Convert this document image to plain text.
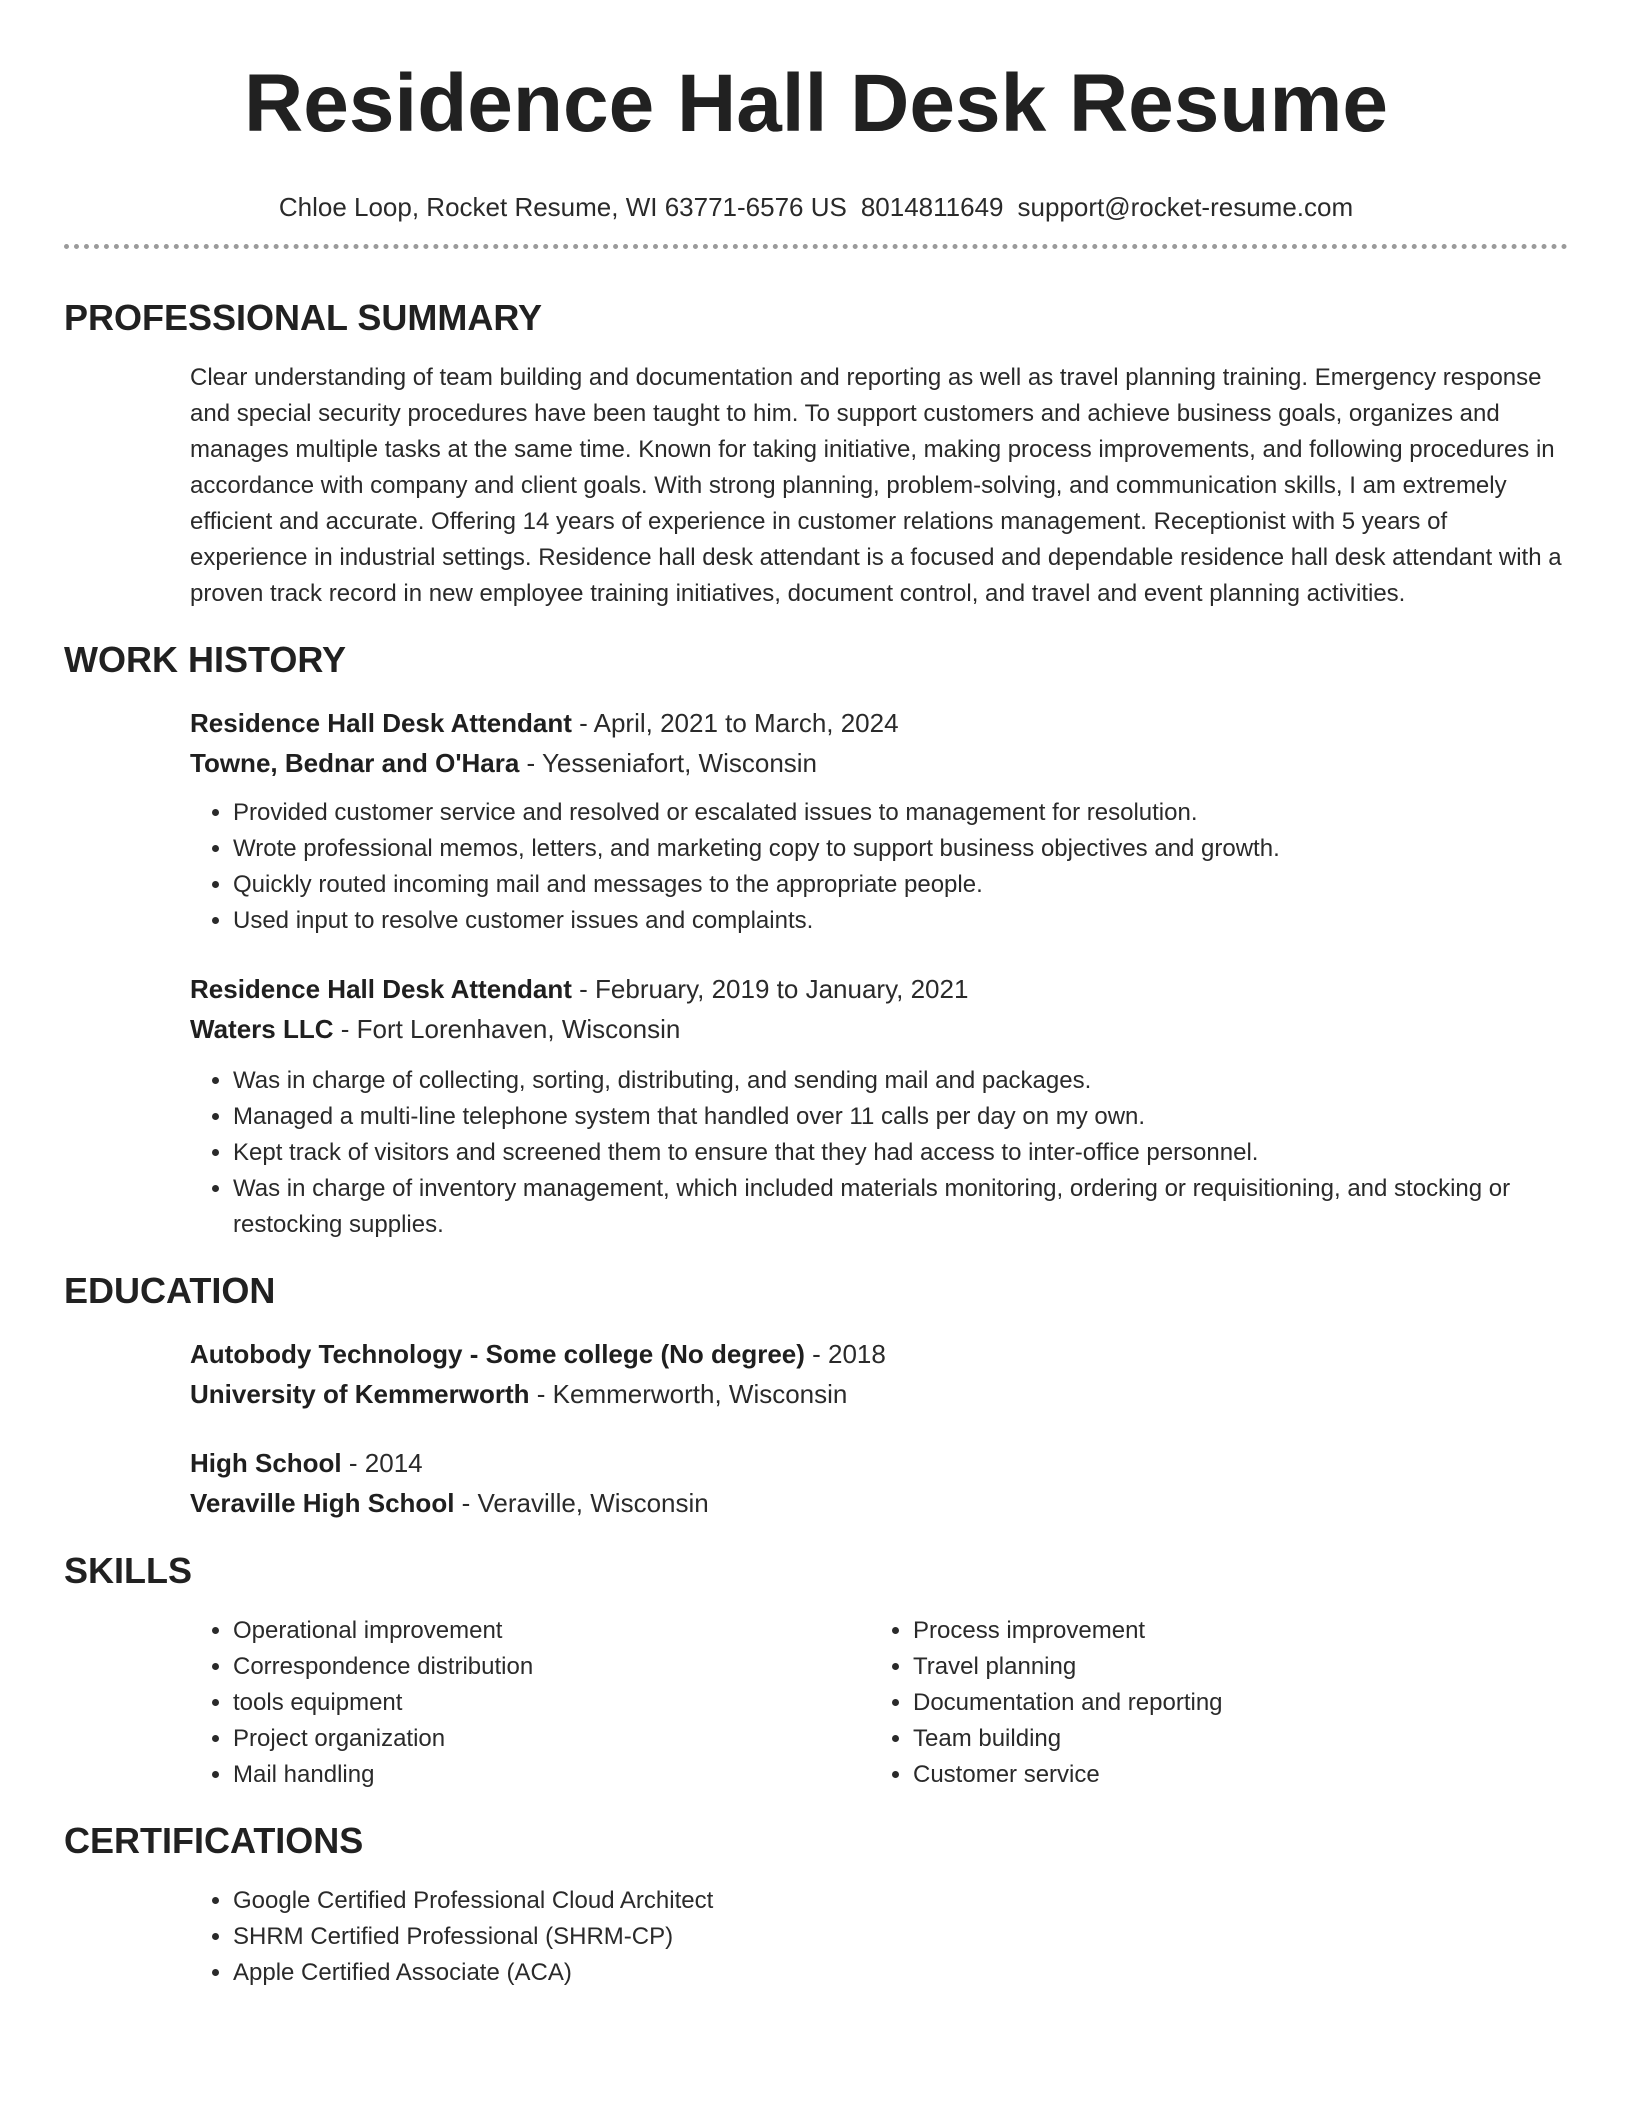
Residence Hall Desk Resume
Chloe Loop, Rocket Resume, WI 63771-6576 US 8014811649 support@rocket-resume.com
PROFESSIONAL SUMMARY
Clear understanding of team building and documentation and reporting as well as travel planning training. Emergency response and special security procedures have been taught to him. To support customers and achieve business goals, organizes and manages multiple tasks at the same time. Known for taking initiative, making process improvements, and following procedures in accordance with company and client goals. With strong planning, problem-solving, and communication skills, I am extremely efficient and accurate. Offering 14 years of experience in customer relations management. Receptionist with 5 years of experience in industrial settings. Residence hall desk attendant is a focused and dependable residence hall desk attendant with a proven track record in new employee training initiatives, document control, and travel and event planning activities.
WORK HISTORY
Residence Hall Desk Attendant - April, 2021 to March, 2024
Towne, Bednar and O'Hara - Yesseniafort, Wisconsin
• Provided customer service and resolved or escalated issues to management for resolution.
• Wrote professional memos, letters, and marketing copy to support business objectives and growth.
• Quickly routed incoming mail and messages to the appropriate people.
• Used input to resolve customer issues and complaints.
Residence Hall Desk Attendant - February, 2019 to January, 2021
Waters LLC - Fort Lorenhaven, Wisconsin
• Was in charge of collecting, sorting, distributing, and sending mail and packages.
• Managed a multi-line telephone system that handled over 11 calls per day on my own.
• Kept track of visitors and screened them to ensure that they had access to inter-office personnel.
• Was in charge of inventory management, which included materials monitoring, ordering or requisitioning, and stocking or restocking supplies.
EDUCATION
Autobody Technology - Some college (No degree) - 2018
University of Kemmerworth - Kemmerworth, Wisconsin
High School - 2014
Veraville High School - Veraville, Wisconsin
SKILLS
• Operational improvement
• Correspondence distribution
• tools equipment
• Project organization
• Mail handling
• Process improvement
• Travel planning
• Documentation and reporting
• Team building
• Customer service
CERTIFICATIONS
• Google Certified Professional Cloud Architect
• SHRM Certified Professional (SHRM-CP)
• Apple Certified Associate (ACA)
